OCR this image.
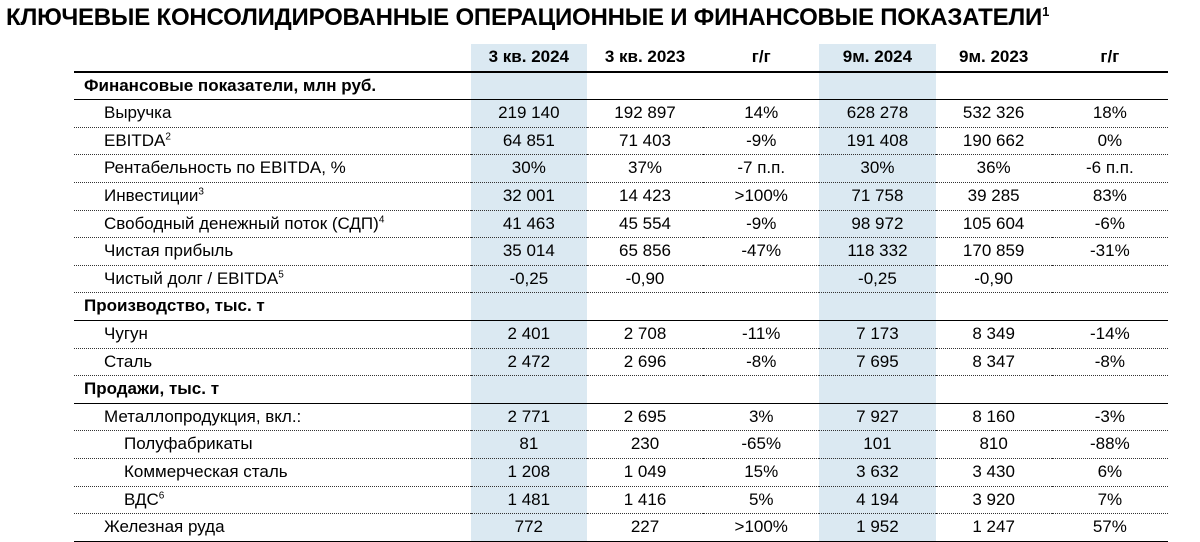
КЛЮЧЕВЫЕ КОНСОЛИДИРОВАННЫЕ ОПЕРАЦИОННЫЕ И ФИНАНСОВЫЕ ПОКАЗАТЕЛИ$^1$
	3 кв. 2024	3 кв. 2023	г/г	9м. 2024	9м. 2023	г/г
Финансовые показатели, млн руб.						
Выручка	219 140	192 897	14%	628 278	532 326	18%
EBITDA$^2$	64 851	71 403	-9%	191 408	190 662	0%
Рентабельность по EBITDA, %	30%	37%	-7 п.п.	30%	36%	-6 п.п.
Инвестиции$^3$	32 001	14 423	>100%	71 758	39 285	83%
Свободный денежный поток (СДП)$^4$	41 463	45 554	-9%	98 972	105 604	-6%
Чистая прибыль	35 014	65 856	-47%	118 332	170 859	-31%
Чистый долг / EBITDA$^5$	-0,25	-0,90		-0,25	-0,90	
Производство, тыс. т						
Чугун	2 401	2 708	-11%	7 173	8 349	-14%
Сталь	2 472	2 696	-8%	7 695	8 347	-8%
Продажи, тыс. т						
Металлопродукция, вкл.:	2 771	2 695	3%	7 927	8 160	-3%
Полуфабрикаты	81	230	-65%	101	810	-88%
Коммерческая сталь	1 208	1 049	15%	3 632	3 430	6%
ВДС$^6$	1 481	1 416	5%	4 194	3 920	7%
Железная руда	772	227	>100%	1 952	1 247	57%
